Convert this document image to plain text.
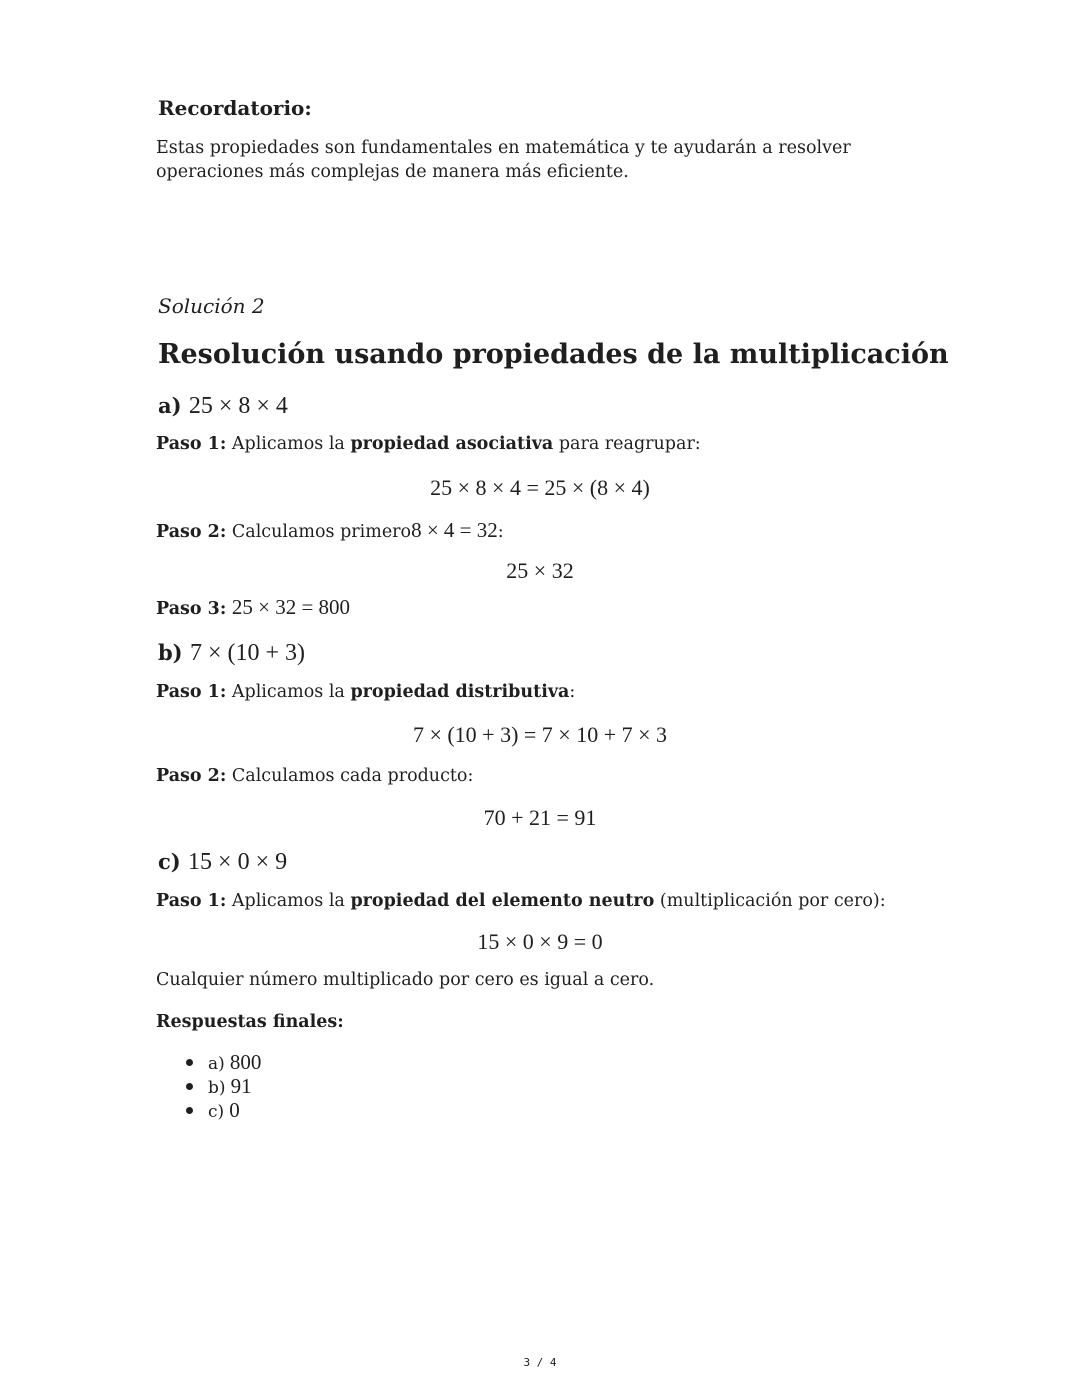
Recordatorio:
Estas propiedades son fundamentales en matemática y te ayudarán a resolver operaciones más complejas de manera más eficiente.
Solución 2
Resolución usando propiedades de la multiplicación
a) 25 × 8 × 4
Paso 1: Aplicamos la propiedad asociativa para reagrupar:
25 × 8 × 4 = 25 × (8 × 4)
Paso 2: Calculamos primero8 × 4 = 32:
25 × 32
Paso 3: 25 × 32 = 800
b) 7 × (10 + 3)
Paso 1: Aplicamos la propiedad distributiva:
7 × (10 + 3) = 7 × 10 + 7 × 3
Paso 2: Calculamos cada producto:
70 + 21 = 91
c) 15 × 0 × 9
Paso 1: Aplicamos la propiedad del elemento neutro (multiplicación por cero):
15 × 0 × 9 = 0
Cualquier número multiplicado por cero es igual a cero.
Respuestas finales:
a) 800
b) 91
c) 0
3 / 4
